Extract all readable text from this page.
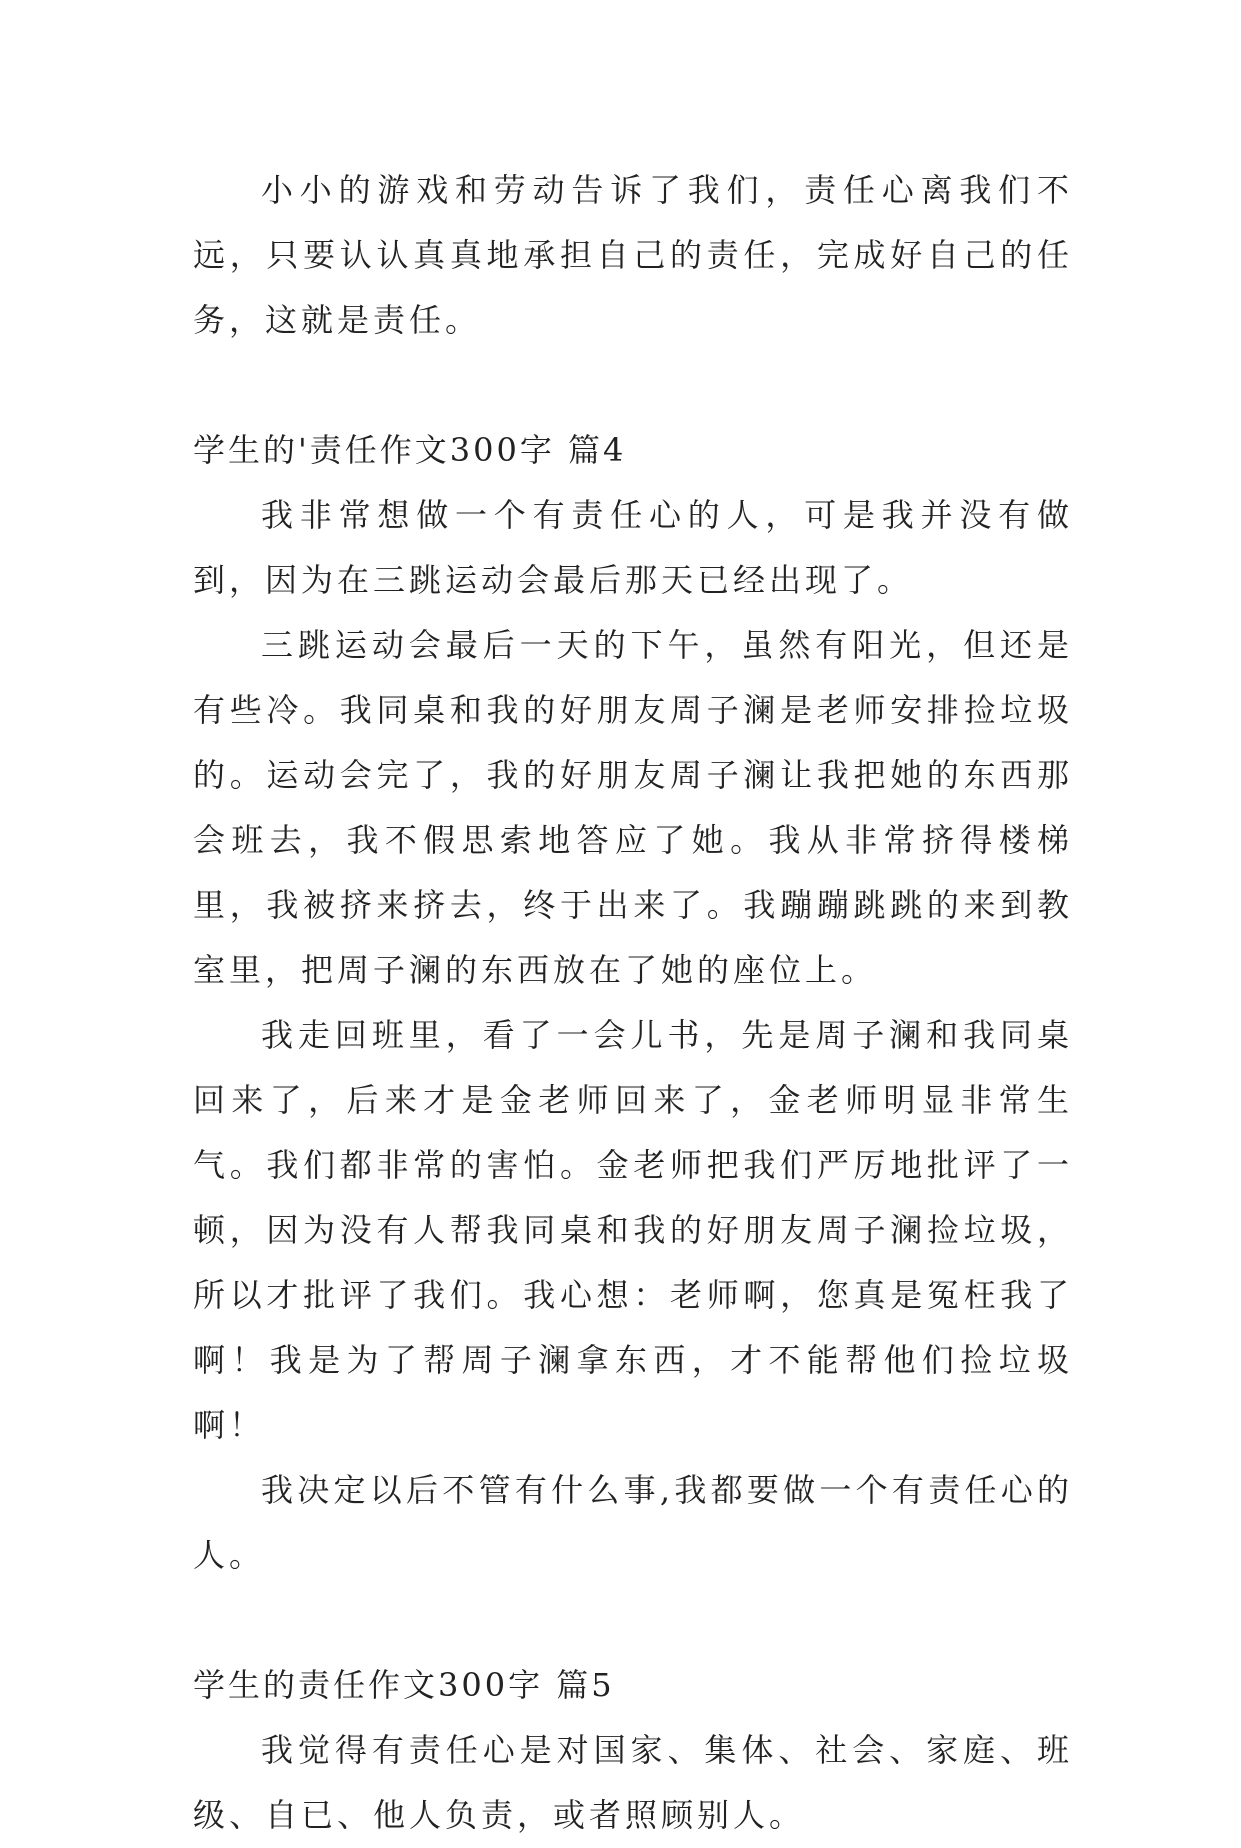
小小的游戏和劳动告诉了我们，责任心离我们不远，只要认认真真地承担自己的责任，完成好自己的任务，这就是责任。

学生的'责任作文300字 篇4

我非常想做一个有责任心的人，可是我并没有做到，因为在三跳运动会最后那天已经出现了。

三跳运动会最后一天的下午，虽然有阳光，但还是有些冷。我同桌和我的好朋友周子澜是老师安排捡垃圾的。运动会完了，我的好朋友周子澜让我把她的东西那会班去，我不假思索地答应了她。我从非常挤得楼梯里，我被挤来挤去，终于出来了。我蹦蹦跳跳的来到教室里，把周子澜的东西放在了她的座位上。

我走回班里，看了一会儿书，先是周子澜和我同桌回来了，后来才是金老师回来了，金老师明显非常生气。我们都非常的害怕。金老师把我们严厉地批评了一顿，因为没有人帮我同桌和我的好朋友周子澜捡垃圾，所以才批评了我们。我心想：老师啊，您真是冤枉我了啊！我是为了帮周子澜拿东西，才不能帮他们捡垃圾啊！

我决定以后不管有什么事,我都要做一个有责任心的人。

学生的责任作文300字 篇5

我觉得有责任心是对国家、集体、社会、家庭、班级、自已、他人负责，或者照顾别人。
